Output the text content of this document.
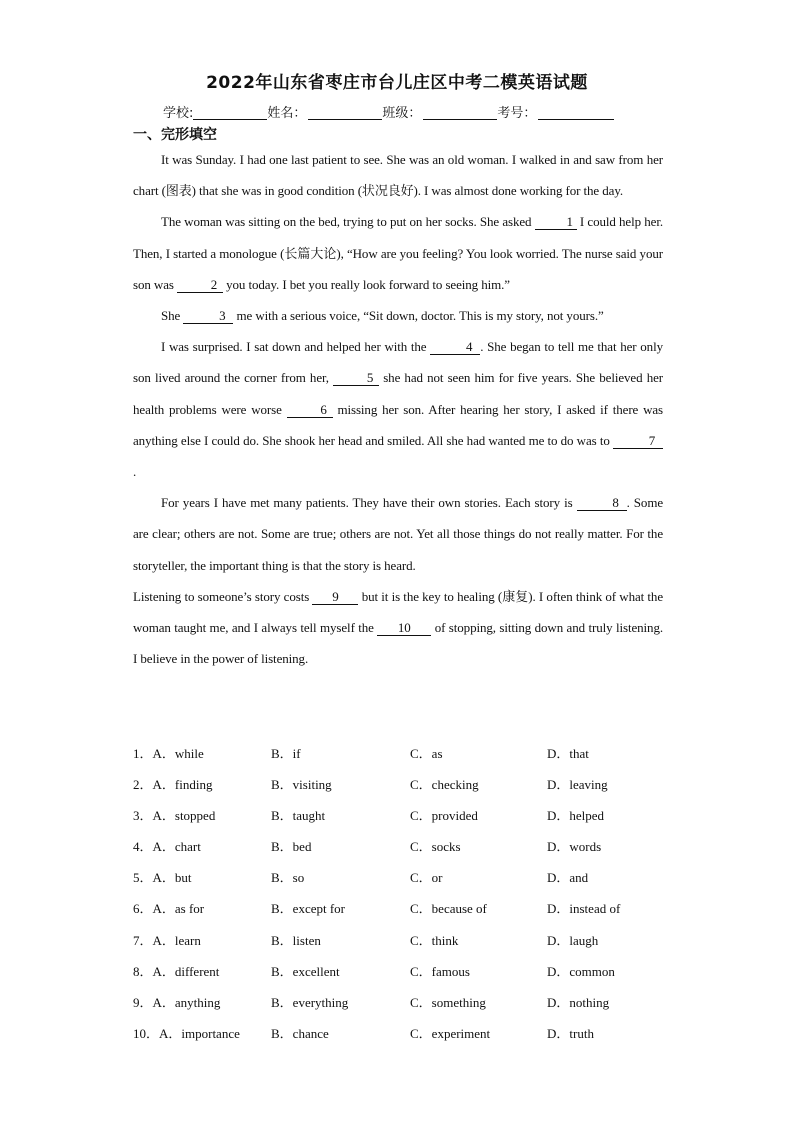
2022年山东省枣庄市台儿庄区中考二模英语试题
学校:	姓名：	班级：	考号：
一、完形填空

It was Sunday. I had one last patient to see. She was an old woman. I walked in and saw from her chart (图表) that she was in good condition (状况良好). I was almost done working for the day.

The woman was sitting on the bed, trying to put on her socks. She asked 1 I could help her. Then, I started a monologue (长篇大论), “How are you feeling? You look worried. The nurse said your son was	2 you today. I bet you really look forward to seeing him.”

She	3 me with a serious voice, “Sit down, doctor. This is my story, not yours.”

I was surprised. I sat down and helped her with the	4 . She began to tell me that her only son lived around the corner from her,	5 she had not seen him for five years. She believed her health problems were worse	6 missing her son. After hearing her story, I asked if there was anything else I could do. She shook her head and smiled. All she had wanted me to do was to	7 .

For years I have met many patients. They have their own stories. Each story is	8 . Some are clear; others are not. Some are true; others are not. Yet all those things do not really matter. For the storyteller, the important thing is that the story is heard.

Listening to someone’s story costs 9 but it is the key to healing (康复). I often think of what the woman taught me, and I always tell myself the 10 of stopping, sitting down and truly listening. I believe in the power of listening.

1．A．while	B．if	C．as	D．that
2．A．finding	B．visiting	C．checking	D．leaving
3．A．stopped	B．taught	C．provided	D．helped
4．A．chart	B．bed	C．socks	D．words
5．A．but	B．so	C．or	D．and
6．A．as for	B．except for	C．because of	D．instead of
7．A．learn	B．listen	C．think	D．laugh
8．A．different	B．excellent	C．famous	D．common
9．A．anything	B．everything	C．something	D．nothing
10．A．importance B．chance	C．experiment	D．truth
